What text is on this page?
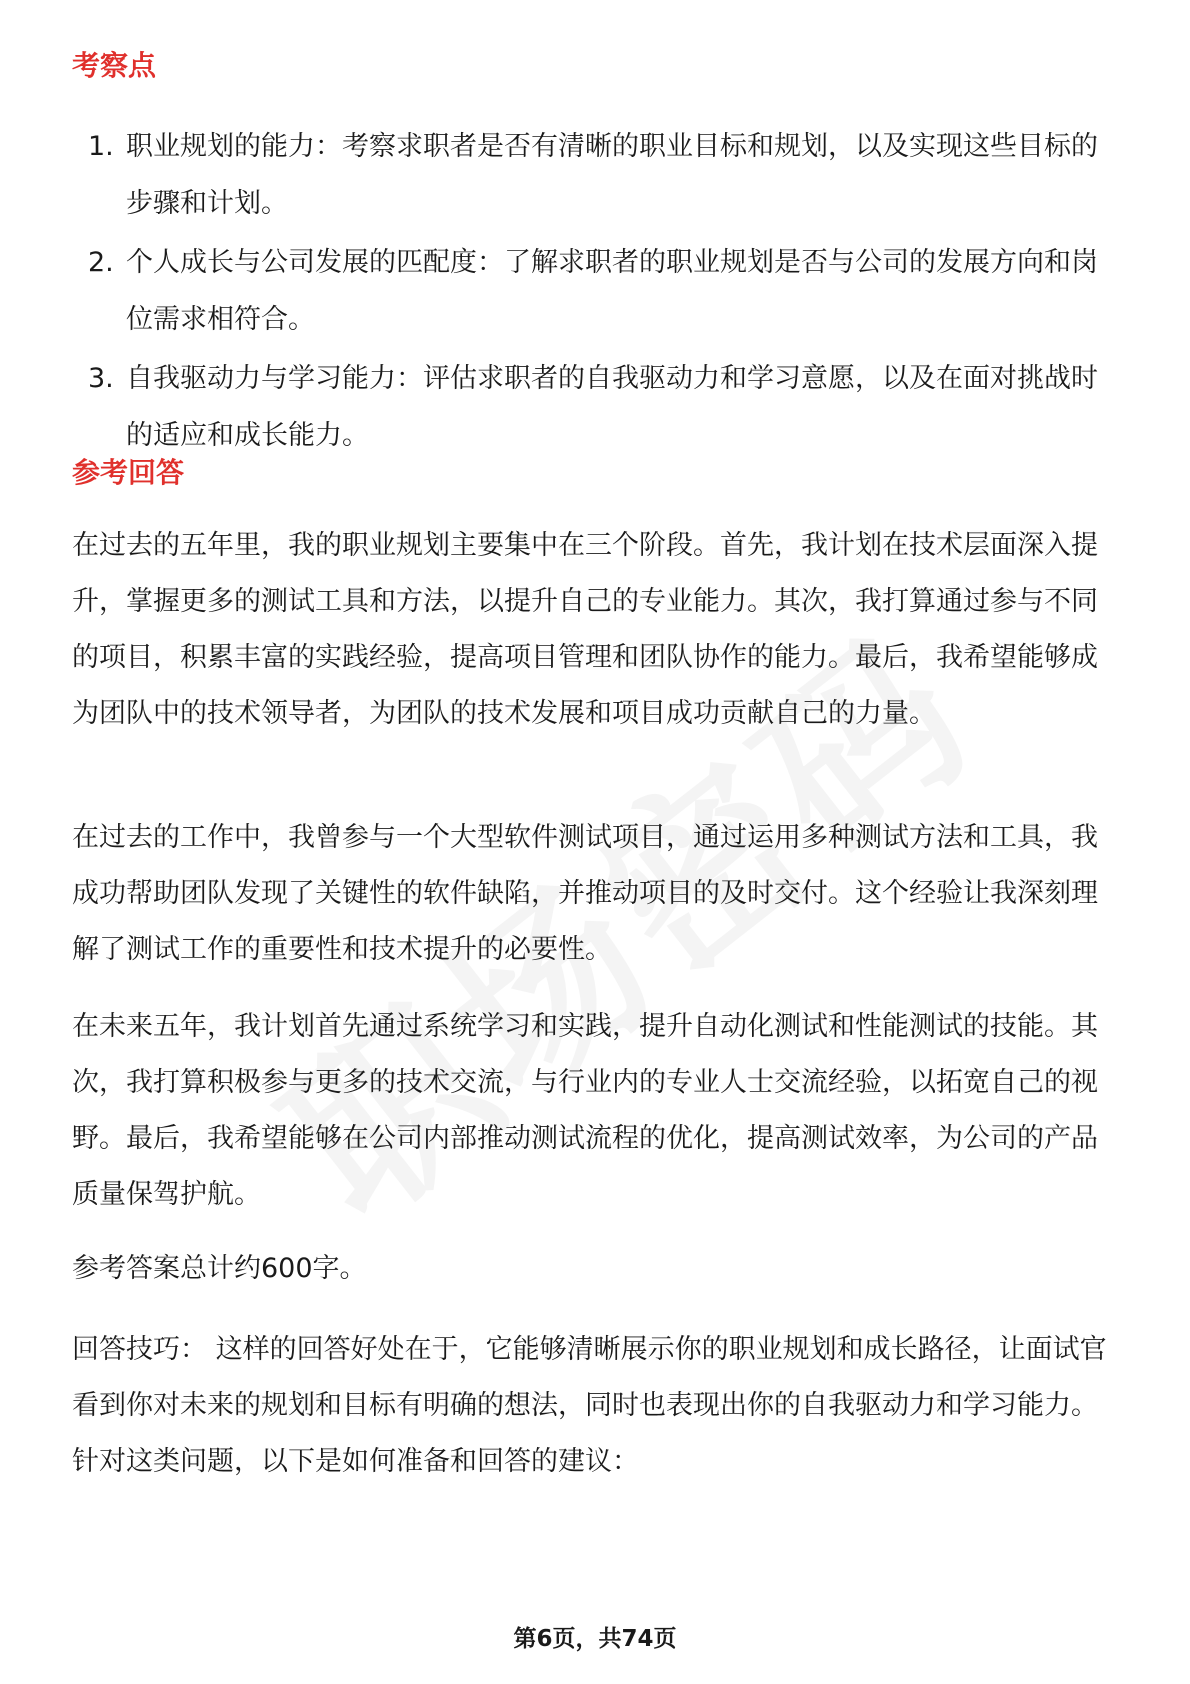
考察点
1. 职业规划的能力：考察求职者是否有清晰的职业目标和规划，以及实现这些目标的步骤和计划。
2. 个人成长与公司发展的匹配度：了解求职者的职业规划是否与公司的发展方向和岗位需求相符合。
3. 自我驱动力与学习能力：评估求职者的自我驱动力和学习意愿，以及在面对挑战时的适应和成长能力。
参考回答

在过去的五年里，我的职业规划主要集中在三个阶段。首先，我计划在技术层面深入提升，掌握更多的测试工具和方法，以提升自己的专业能力。其次，我打算通过参与不同的项目，积累丰富的实践经验，提高项目管理和团队协作的能力。最后，我希望能够成为团队中的技术领导者，为团队的技术发展和项目成功贡献自己的力量。

在过去的工作中，我曾参与一个大型软件测试项目，通过运用多种测试方法和工具，我成功帮助团队发现了关键性的软件缺陷，并推动项目的及时交付。这个经验让我深刻理解了测试工作的重要性和技术提升的必要性。

在未来五年，我计划首先通过系统学习和实践，提升自动化测试和性能测试的技能。其次，我打算积极参与更多的技术交流，与行业内的专业人士交流经验，以拓宽自己的视野。最后，我希望能够在公司内部推动测试流程的优化，提高测试效率，为公司的产品质量保驾护航。

参考答案总计约600字。

回答技巧： 这样的回答好处在于，它能够清晰展示你的职业规划和成长路径，让面试官看到你对未来的规划和目标有明确的想法，同时也表现出你的自我驱动力和学习能力。针对这类问题，以下是如何准备和回答的建议：

第6页，共74页
